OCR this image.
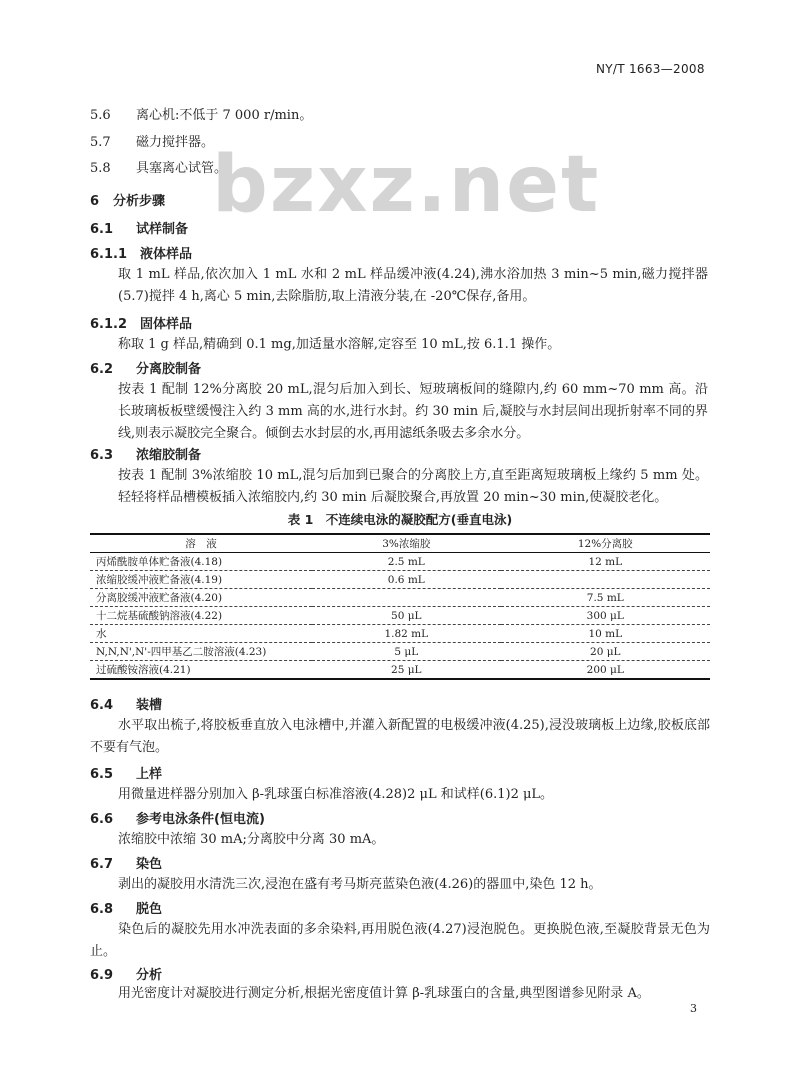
NY/T 1663—2008
bzxz.net
5.6 离心机:不低于 7 000 r/min。
5.7 磁力搅拌器。
5.8 具塞离心试管。
6 分析步骤
6.1 试样制备
6.1.1 液体样品
取 1 mL 样品,依次加入 1 mL 水和 2 mL 样品缓冲液(4.24),沸水浴加热 3 min~5 min,磁力搅拌器(5.7)搅拌 4 h,离心 5 min,去除脂肪,取上清液分装,在 -20℃保存,备用。
6.1.2 固体样品
称取 1 g 样品,精确到 0.1 mg,加适量水溶解,定容至 10 mL,按 6.1.1 操作。
6.2 分离胶制备
按表 1 配制 12%分离胶 20 mL,混匀后加入到长、短玻璃板间的缝隙内,约 60 mm~70 mm 高。沿长玻璃板板壁缓慢注入约 3 mm 高的水,进行水封。约 30 min 后,凝胶与水封层间出现折射率不同的界线,则表示凝胶完全聚合。倾倒去水封层的水,再用滤纸条吸去多余水分。
6.3 浓缩胶制备
按表 1 配制 3%浓缩胶 10 mL,混匀后加到已聚合的分离胶上方,直至距离短玻璃板上缘约 5 mm 处。轻轻将样品槽模板插入浓缩胶内,约 30 min 后凝胶聚合,再放置 20 min~30 min,使凝胶老化。
表 1　不连续电泳的凝胶配方(垂直电泳)
溶　液	3%浓缩胶	12%分离胶
丙烯酰胺单体贮备液(4.18)	2.5 mL	12 mL
浓缩胶缓冲液贮备液(4.19)	0.6 mL	
分离胶缓冲液贮备液(4.20)		7.5 mL
十二烷基硫酸钠溶液(4.22)	50 μL	300 μL
水	1.82 mL	10 mL
N,N,N',N'-四甲基乙二胺溶液(4.23)	5 μL	20 μL
过硫酸铵溶液(4.21)	25 μL	200 μL
6.4 装槽
水平取出梳子,将胶板垂直放入电泳槽中,并灌入新配置的电极缓冲液(4.25),浸没玻璃板上边缘,胶板底部不要有气泡。
6.5 上样
用微量进样器分别加入 β-乳球蛋白标准溶液(4.28)2 μL 和试样(6.1)2 μL。
6.6 参考电泳条件(恒电流)
浓缩胶中浓缩 30 mA;分离胶中分离 30 mA。
6.7 染色
剥出的凝胶用水清洗三次,浸泡在盛有考马斯亮蓝染色液(4.26)的器皿中,染色 12 h。
6.8 脱色
染色后的凝胶先用水冲洗表面的多余染料,再用脱色液(4.27)浸泡脱色。更换脱色液,至凝胶背景无色为止。
6.9 分析
用光密度计对凝胶进行测定分析,根据光密度值计算 β-乳球蛋白的含量,典型图谱参见附录 A。
3
